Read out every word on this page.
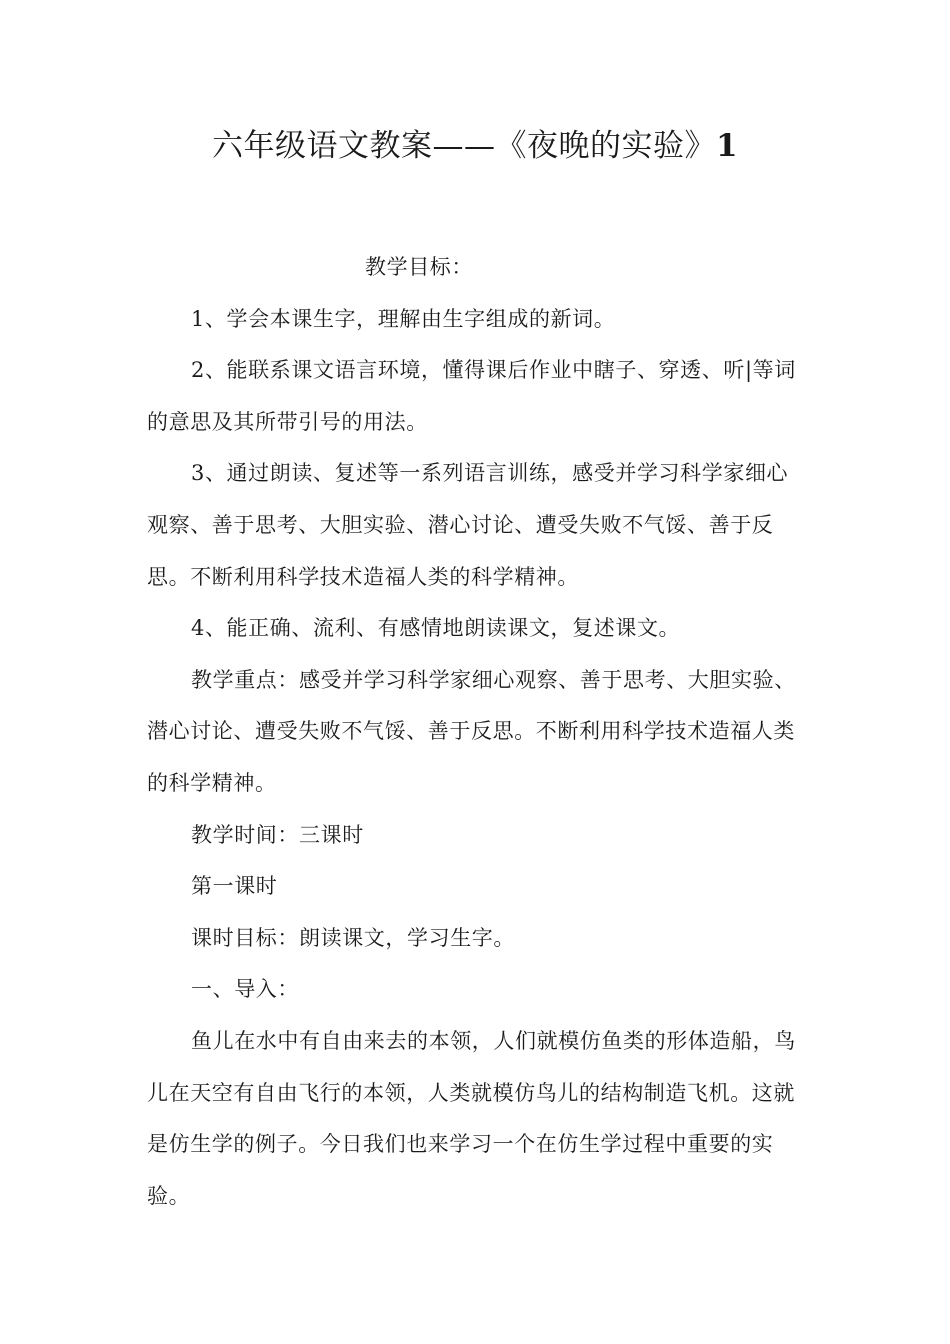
六年级语文教案——《夜晚的实验》1

教学目标：

1、学会本课生字，理解由生字组成的新词。

2、能联系课文语言环境，懂得课后作业中瞎子、穿透、听|等词的意思及其所带引号的用法。

3、通过朗读、复述等一系列语言训练，感受并学习科学家细心观察、善于思考、大胆实验、潜心讨论、遭受失败不气馁、善于反思。不断利用科学技术造福人类的科学精神。

4、能正确、流利、有感情地朗读课文，复述课文。

教学重点：感受并学习科学家细心观察、善于思考、大胆实验、潜心讨论、遭受失败不气馁、善于反思。不断利用科学技术造福人类的科学精神。

教学时间：三课时

第一课时

课时目标：朗读课文，学习生字。

一、导入：

鱼儿在水中有自由来去的本领，人们就模仿鱼类的形体造船，鸟儿在天空有自由飞行的本领，人类就模仿鸟儿的结构制造飞机。这就是仿生学的例子。今日我们也来学习一个在仿生学过程中重要的实验。
